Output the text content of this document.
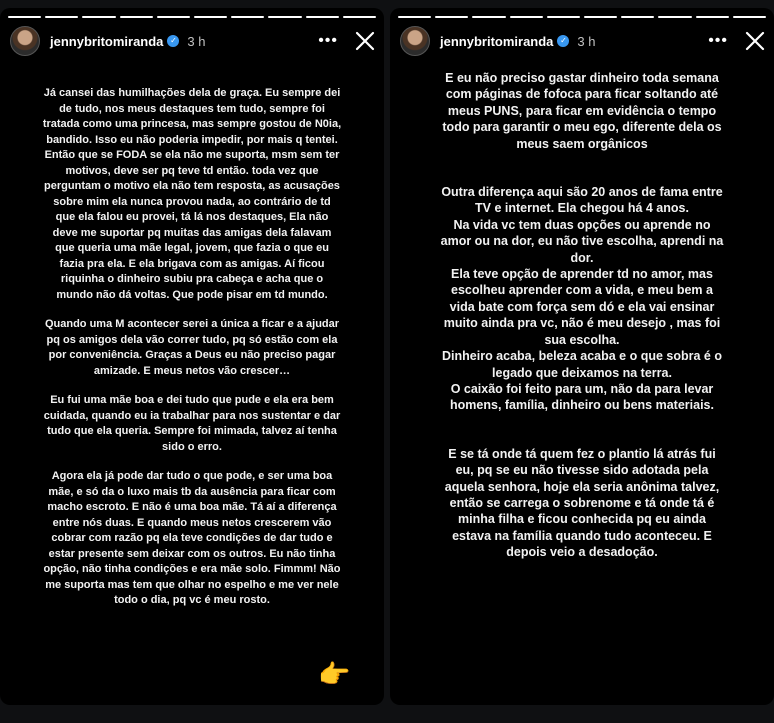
jennybritomiranda ✓ 3 h	•••

Já cansei das humilhações dela de graça. Eu sempre dei de tudo, nos meus destaques tem tudo, sempre foi tratada como uma princesa, mas sempre gostou de N0ia, bandido. Isso eu não poderia impedir, por mais q tentei. Então que se FODA se ela não me suporta, msm sem ter motivos, deve ser pq teve td então. toda vez que perguntam o motivo ela não tem resposta, as acusações sobre mim ela nunca provou nada, ao contrário de td que ela falou eu provei, tá lá nos destaques, Ela não deve me suportar pq muitas das amigas dela falavam que queria uma mãe legal, jovem, que fazia o que eu fazia pra ela. E ela brigava com as amigas. Aí ficou riquinha o dinheiro subiu pra cabeça e acha que o mundo não dá voltas. Que pode pisar em td mundo.

Quando uma M acontecer serei a única a ficar e a ajudar pq os amigos dela vão correr tudo, pq só estão com ela por conveniência. Graças a Deus eu não preciso pagar amizade. E meus netos vão crescer…

Eu fui uma mãe boa e dei tudo que pude e ela era bem cuidada, quando eu ia trabalhar para nos sustentar e dar tudo que ela queria. Sempre foi mimada, talvez aí tenha sido o erro.

Agora ela já pode dar tudo o que pode, e ser uma boa mãe, e só da o luxo mais tb da ausência para ficar com macho escroto. E não é uma boa mãe. Tá aí a diferença entre nós duas. E quando meus netos crescerem vão cobrar com razão pq ela teve condições de dar tudo e estar presente sem deixar com os outros. Eu não tinha opção, não tinha condições e era mãe solo. Fimmm! Não me suporta mas tem que olhar no espelho e me ver nele todo o dia, pq vc é meu rosto.

👉
jennybritomiranda ✓ 3 h	•••

E eu não preciso gastar dinheiro toda semana com páginas de fofoca para ficar soltando até meus PUNS, para ficar em evidência o tempo todo para garantir o meu ego, diferente dela os meus saem orgânicos

Outra diferença aqui são 20 anos de fama entre TV e internet. Ela chegou há 4 anos.

Na vida vc tem duas opções ou aprende no amor ou na dor, eu não tive escolha, aprendi na dor.

Ela teve opção de aprender td no amor, mas escolheu aprender com a vida, e meu bem a vida bate com força sem dó e ela vai ensinar muito ainda pra vc, não é meu desejo , mas foi sua escolha.

Dinheiro acaba, beleza acaba e o que sobra é o legado que deixamos na terra.

O caixão foi feito para um, não da para levar homens, família, dinheiro ou bens materiais.

E se tá onde tá quem fez o plantio lá atrás fui eu, pq se eu não tivesse sido adotada pela aquela senhora, hoje ela seria anônima talvez, então se carrega o sobrenome e tá onde tá é minha filha e ficou conhecida pq eu ainda estava na família quando tudo aconteceu. E depois veio a desadoção.
